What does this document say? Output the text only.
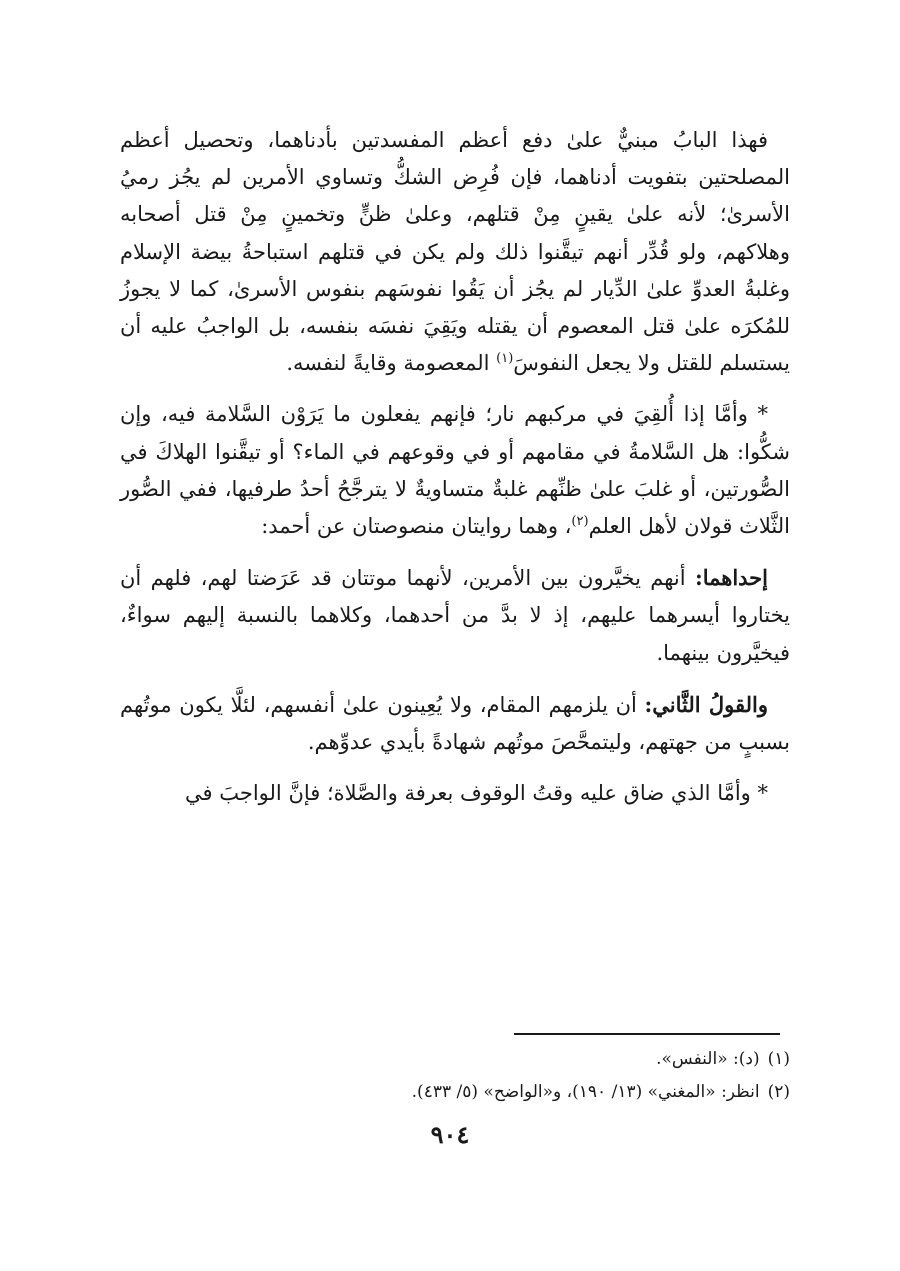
فهذا البابُ مبنيٌّ علىٰ دفع أعظم المفسدتين بأدناهما، وتحصيل أعظم المصلحتين بتفويت أدناهما، فإن فُرِض الشكُّ وتساوي الأمرين لم يجُز رميُ الأسرىٰ؛ لأنه علىٰ يقينٍ مِنْ قتلهم، وعلىٰ ظنٍّ وتخمينٍ مِنْ قتل أصحابه وهلاكهم، ولو قُدِّر أنهم تيقَّنوا ذلك ولم يكن في قتلهم استباحةُ بيضة الإسلام وغلبةُ العدوِّ علىٰ الدِّيار لم يجُز أن يَقُوا نفوسَهم بنفوس الأسرىٰ، كما لا يجوزُ للمُكرَه علىٰ قتل المعصوم أن يقتله ويَقِيَ نفسَه بنفسه، بل الواجبُ عليه أن يستسلم للقتل ولا يجعل النفوسَ$^{(١)}$ المعصومة وقايةً لنفسه.

* وأمَّا إذا أُلقِيَ في مركبهم نار؛ فإنهم يفعلون ما يَرَوْن السَّلامة فيه، وإن شكُّوا: هل السَّلامةُ في مقامهم أو في وقوعهم في الماء؟ أو تيقَّنوا الهلاكَ في الصُّورتين، أو غلبَ علىٰ ظنِّهم غلبةٌ متساويةٌ لا يترجَّحُ أحدُ طرفيها، ففي الصُّور الثَّلاث قولان لأهل العلم$^{(٢)}$، وهما روايتان منصوصتان عن أحمد:

إحداهما: أنهم يخيَّرون بين الأمرين، لأنهما موتتان قد عَرَضتا لهم، فلهم أن يختاروا أيسرهما عليهم، إذ لا بدَّ من أحدهما، وكلاهما بالنسبة إليهم سواءٌ، فيخيَّرون بينهما.

والقولُ الثَّاني: أن يلزمهم المقام، ولا يُعِينون علىٰ أنفسهم، لئلَّا يكون موتُهم بسببٍ من جهتهم، وليتمحَّصَ موتُهم شهادةً بأيدي عدوِّهم.

* وأمَّا الذي ضاق عليه وقتُ الوقوف بعرفة والصَّلاة؛ فإنَّ الواجبَ في

(١)(د): «النفس».

(٢)انظر: «المغني» (١٣/ ١٩٠)، و«الواضح» (٥/ ٤٣٣).

٩٠٤
